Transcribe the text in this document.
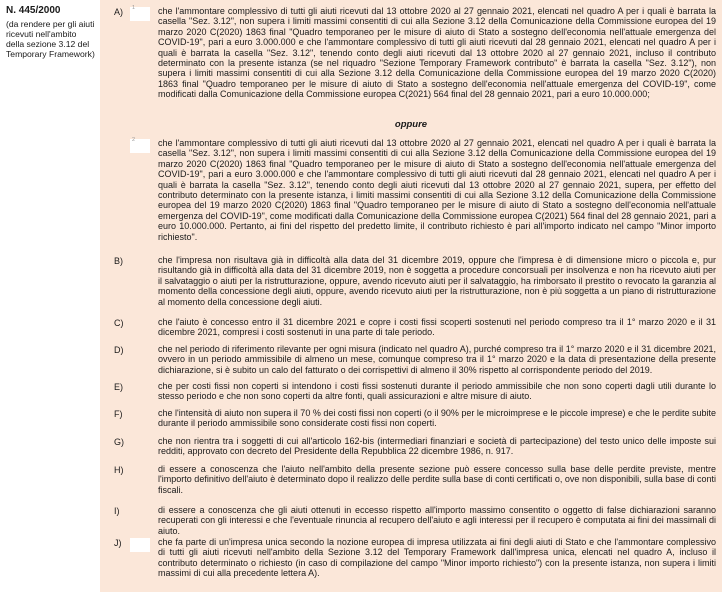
N. 445/2000
(da rendere per gli aiuti ricevuti nell'ambito della sezione 3.12 del Temporary Framework)
A) 1	che l'ammontare complessivo di tutti gli aiuti ricevuti dal 13 ottobre 2020 al 27 gennaio 2021, elencati nel quadro A per i quali è barrata la casella "Sez. 3.12", non supera i limiti massimi consentiti di cui alla Sezione 3.12 della Comunicazione della Commissione europea del 19 marzo 2020 C(2020) 1863 final "Quadro temporaneo per le misure di aiuto di Stato a sostegno dell'economia nell'attuale emergenza del COVID-19", pari a euro 3.000.000 e che l'ammontare complessivo di tutti gli aiuti ricevuti dal 28 gennaio 2021, elencati nel quadro A per i quali è barrata la casella "Sez. 3.12", tenendo conto degli aiuti ricevuti dal 13 ottobre 2020 al 27 gennaio 2021, incluso il contributo determinato con la presente istanza (se nel riquadro "Sezione Temporary Framework contributo" è barrata la casella "Sez. 3.12"), non supera i limiti massimi consentiti di cui alla Sezione 3.12 della Comunicazione della Commissione europea del 19 marzo 2020 C(2020) 1863 final "Quadro temporaneo per le misure di aiuto di Stato a sostegno dell'economia nell'attuale emergenza del COVID-19", come modificati dalla Comunicazione della Commissione europea C(2021) 564 final del 28 gennaio 2021, pari a euro 10.000.000;
oppure
2	che l'ammontare complessivo di tutti gli aiuti ricevuti dal 13 ottobre 2020 al 27 gennaio 2021, elencati nel quadro A per i quali è barrata la casella "Sez. 3.12", non supera i limiti massimi consentiti di cui alla Sezione 3.12 della Comunicazione della Commissione europea del 19 marzo 2020 C(2020) 1863 final "Quadro temporaneo per le misure di aiuto di Stato a sostegno dell'economia nell'attuale emergenza del COVID-19", pari a euro 3.000.000 e che l'ammontare complessivo di tutti gli aiuti ricevuti dal 28 gennaio 2021, elencati nel quadro A per i quali è barrata la casella "Sez. 3.12", tenendo conto degli aiuti ricevuti dal 13 ottobre 2020 al 27 gennaio 2021, supera, per effetto del contributo determinato con la presente istanza, i limiti massimi consentiti di cui alla Sezione 3.12 della Comunicazione della Commissione europea del 19 marzo 2020 C(2020) 1863 final "Quadro temporaneo per le misure di aiuto di Stato a sostegno dell'economia nell'attuale emergenza del COVID-19", come modificati dalla Comunicazione della Commissione europea C(2021) 564 final del 28 gennaio 2021, pari a euro 10.000.000. Pertanto, ai fini del rispetto del predetto limite, il contributo richiesto è pari all'importo indicato nel campo "Minor importo richiesto".
B)	che l'impresa non risultava già in difficoltà alla data del 31 dicembre 2019, oppure che l'impresa è di dimensione micro o piccola e, pur risultando già in difficoltà alla data del 31 dicembre 2019, non è soggetta a procedure concorsuali per insolvenza e non ha ricevuto aiuti per il salvataggio o aiuti per la ristrutturazione, oppure, avendo ricevuto aiuti per il salvataggio, ha rimborsato il prestito o revocato la garanzia al momento della concessione degli aiuti, oppure, avendo ricevuto aiuti per la ristrutturazione, non è più soggetta a un piano di ristrutturazione al momento della concessione degli aiuti.
C)	che l'aiuto è concesso entro il 31 dicembre 2021 e copre i costi fissi scoperti sostenuti nel periodo compreso tra il 1° marzo 2020 e il 31 dicembre 2021, compresi i costi sostenuti in una parte di tale periodo.
D)	che nel periodo di riferimento rilevante per ogni misura (indicato nel quadro A), purché compreso tra il 1° marzo 2020 e il 31 dicembre 2021, ovvero in un periodo ammissibile di almeno un mese, comunque compreso tra il 1° marzo 2020 e la data di presentazione della presente dichiarazione, si è subito un calo del fatturato o dei corrispettivi di almeno il 30% rispetto al corrispondente periodo del 2019.
E)	che per costi fissi non coperti si intendono i costi fissi sostenuti durante il periodo ammissibile che non sono coperti dagli utili durante lo stesso periodo e che non sono coperti da altre fonti, quali assicurazioni e altre misure di aiuto.
F)	che l'intensità di aiuto non supera il 70 % dei costi fissi non coperti (o il 90% per le microimprese e le piccole imprese) e che le perdite subite durante il periodo ammissibile sono considerate costi fissi non coperti.
G)	che non rientra tra i soggetti di cui all'articolo 162-bis (intermediari finanziari e società di partecipazione) del testo unico delle imposte sui redditi, approvato con decreto del Presidente della Repubblica 22 dicembre 1986, n. 917.
H)	di essere a conoscenza che l'aiuto nell'ambito della presente sezione può essere concesso sulla base delle perdite previste, mentre l'importo definitivo dell'aiuto è determinato dopo il realizzo delle perdite sulla base di conti certificati o, ove non disponibili, sulla base di conti fiscali.
I)	di essere a conoscenza che gli aiuti ottenuti in eccesso rispetto all'importo massimo consentito o oggetto di false dichiarazioni saranno recuperati con gli interessi e che l'eventuale rinuncia al recupero dell'aiuto e agli interessi per il recupero è computata ai fini dei massimali di aiuto.
J)	che fa parte di un'impresa unica secondo la nozione europea di impresa utilizzata ai fini degli aiuti di Stato e che l'ammontare complessivo di tutti gli aiuti ricevuti nell'ambito della Sezione 3.12 del Temporary Framework dall'impresa unica, elencati nel quadro A, incluso il contributo determinato o richiesto (in caso di compilazione del campo "Minor importo richiesto") con la presente istanza, non supera i limiti massimi di cui alla precedente lettera A).
